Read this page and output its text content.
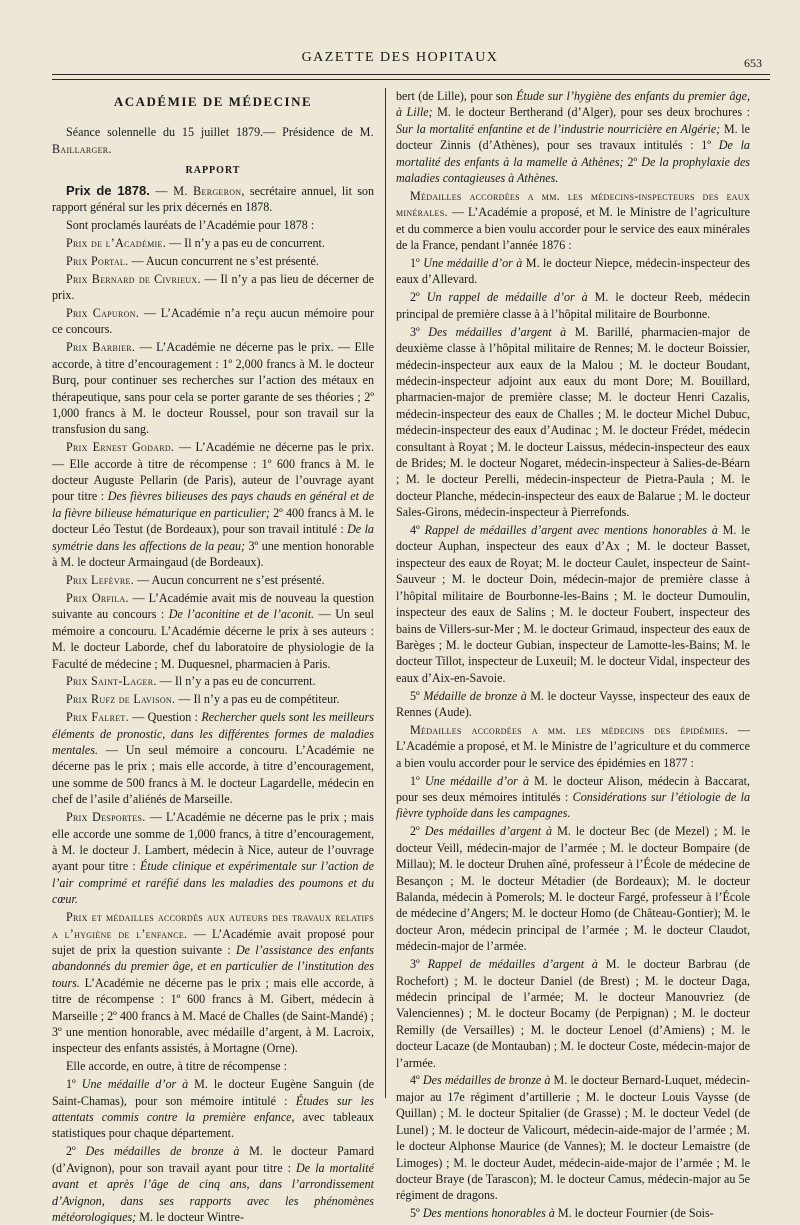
GAZETTE DES HOPITAUX	653
ACADÉMIE DE MÉDECINE

Séance solennelle du 15 juillet 1879.— Présidence de M. Baillarger.

RAPPORT

Prix de 1878. — M. Bergeron, secrétaire annuel, lit son rapport général sur les prix décernés en 1878.

Sont proclamés lauréats de l’Académie pour 1878 :

Prix de l’Académie. — Il n’y a pas eu de concurrent.

Prix Portal. — Aucun concurrent ne s’est présenté.

Prix Bernard de Civrieux. — Il n’y a pas lieu de décerner de prix.

Prix Capuron. — L’Académie n’a reçu aucun mémoire pour ce concours.

Prix Barbier. — L’Académie ne décerne pas le prix. — Elle accorde, à titre d’encouragement : 1º 2,000 francs à M. le docteur Burq, pour continuer ses recherches sur l’action des métaux en thérapeutique, sans pour cela se porter garante de ses théories ; 2º 1,000 francs à M. le docteur Roussel, pour son travail sur la transfusion du sang.

Prix Ernest Godard. — L’Académie ne décerne pas le prix. — Elle accorde à titre de récompense : 1º 600 francs à M. le docteur Auguste Pellarin (de Paris), auteur de l’ouvrage ayant pour titre : Des fièvres bilieuses des pays chauds en général et de la fièvre bilieuse hématurique en particulier; 2º 400 francs à M. le docteur Léo Testut (de Bordeaux), pour son travail intitulé : De la symétrie dans les affections de la peau; 3º une mention honorable à M. le docteur Armaingaud (de Bordeaux).

Prix Lefèvre. — Aucun concurrent ne s’est présenté.

Prix Orfila. — L’Académie avait mis de nouveau la question suivante au concours : De l’aconitine et de l’aconit. — Un seul mémoire a concouru. L’Académie décerne le prix à ses auteurs : M. le docteur Laborde, chef du laboratoire de physiologie de la Faculté de médecine ; M. Duquesnel, pharmacien à Paris.

Prix Saint-Lager. — Il n’y a pas eu de concurrent.

Prix Rufz de Lavison. — Il n’y a pas eu de compétiteur.

Prix Falret. — Question : Rechercher quels sont les meilleurs éléments de pronostic, dans les différentes formes de maladies mentales. — Un seul mémoire a concouru. L’Académie ne décerne pas le prix ; mais elle accorde, à titre d’encouragement, une somme de 500 francs à M. le docteur Lagardelle, médecin en chef de l’asile d’aliénés de Marseille.

Prix Desportes. — L’Académie ne décerne pas le prix ; mais elle accorde une somme de 1,000 francs, à titre d’encouragement, à M. le docteur J. Lambert, médecin à Nice, auteur de l’ouvrage ayant pour titre : Étude clinique et expérimentale sur l’action de l’air comprimé et raréfié dans les maladies des poumons et du cœur.

Prix et médailles accordés aux auteurs des travaux relatifs a l’hygiène de l’enfance. — L’Académie avait proposé pour sujet de prix la question suivante : De l’assistance des enfants abandonnés du premier âge, et en particulier de l’institution des tours. L’Académie ne décerne pas le prix ; mais elle accorde, à titre de récompense : 1º 600 francs à M. Gibert, médecin à Marseille ; 2º 400 francs à M. Macé de Challes (de Saint-Mandé) ; 3º une mention honorable, avec médaille d’argent, à M. Lacroix, inspecteur des enfants assistés, à Mortagne (Orne).

Elle accorde, en outre, à titre de récompense :

1º Une médaille d’or à M. le docteur Eugène Sanguin (de Saint-Chamas), pour son mémoire intitulé : Études sur les attentats commis contre la première enfance, avec tableaux statistiques pour chaque département.

2º Des médailles de bronze à M. le docteur Pamard (d’Avignon), pour son travail ayant pour titre : De la mortalité avant et après l’âge de cinq ans, dans l’arrondissement d’Avignon, dans ses rapports avec les phénomènes météorologiques; M. le docteur Wintre-

bert (de Lille), pour son Étude sur l’hygiène des enfants du premier âge, à Lille; M. le docteur Bertherand (d’Alger), pour ses deux brochures : Sur la mortalité enfantine et de l’industrie nourricière en Algérie; M. le docteur Zinnis (d’Athènes), pour ses travaux intitulés : 1º De la mortalité des enfants à la mamelle à Athènes; 2º De la prophylaxie des maladies contagieuses à Athènes.

Médailles accordées a mm. les médecins-inspecteurs des eaux minérales. — L’Académie a proposé, et M. le Ministre de l’agriculture et du commerce a bien voulu accorder pour le service des eaux minérales de la France, pendant l’année 1876 :

1º Une médaille d’or à M. le docteur Niepce, médecin-inspecteur des eaux d’Allevard.

2º Un rappel de médaille d’or à M. le docteur Reeb, médecin principal de première classe à à l’hôpital militaire de Bourbonne.

3º Des médailles d’argent à M. Barillé, pharmacien-major de deuxième classe à l’hôpital militaire de Rennes; M. le docteur Boissier, médecin-inspecteur aux eaux de la Malou ; M. le docteur Boudant, médecin-inspecteur adjoint aux eaux du mont Dore; M. Bouillard, pharmacien-major de première classe; M. le docteur Henri Cazalis, médecin-inspecteur des eaux de Challes ; M. le docteur Michel Dubuc, médecin-inspecteur des eaux d’Audinac ; M. le docteur Frédet, médecin consultant à Royat ; M. le docteur Laissus, médecin-inspecteur des eaux de Brides; M. le docteur Nogaret, médecin-inspecteur à Salies-de-Béarn ; M. le docteur Perelli, médecin-inspecteur de Pietra-Paula ; M. le docteur Planche, médecin-inspecteur des eaux de Balarue ; M. le docteur Sales-Girons, médecin-inspecteur à Pierrefonds.

4º Rappel de médailles d’argent avec mentions honorables à M. le docteur Auphan, inspecteur des eaux d’Ax ; M. le docteur Basset, inspecteur des eaux de Royat; M. le docteur Caulet, inspecteur de Saint-Sauveur ; M. le docteur Doin, médecin-major de première classe à l’hôpital militaire de Bourbonne-les-Bains ; M. le docteur Dumoulin, inspecteur des eaux de Salins ; M. le docteur Foubert, inspecteur des bains de Villers-sur-Mer ; M. le docteur Grimaud, inspecteur des eaux de Barèges ; M. le docteur Gubian, inspecteur de Lamotte-les-Bains; M. le docteur Tillot, inspecteur de Luxeuil; M. le docteur Vidal, inspecteur des eaux d’Aix-en-Savoie.

5º Médaille de bronze à M. le docteur Vaysse, inspecteur des eaux de Rennes (Aude).

Médailles accordées a mm. les médecins des épidémies. — L’Académie a proposé, et M. le Ministre de l’agriculture et du commerce a bien voulu accorder pour le service des épidémies en 1877 :

1º Une médaille d’or à M. le docteur Alison, médecin à Baccarat, pour ses deux mémoires intitulés : Considérations sur l’étiologie de la fièvre typhoïde dans les campagnes.

2º Des médailles d’argent à M. le docteur Bec (de Mezel) ; M. le docteur Veill, médecin-major de l’armée ; M. le docteur Bompaire (de Millau); M. le docteur Druhen aîné, professeur à l’École de médecine de Besançon ; M. le docteur Métadier (de Bordeaux); M. le docteur Balanda, médecin à Pomerols; M. le docteur Fargé, professeur à l’École de médecine d’Angers; M. le docteur Homo (de Château-Gontier); M. le docteur Aron, médecin principal de l’armée ; M. le docteur Claudot, médecin-major de l’armée.

3º Rappel de médailles d’argent à M. le docteur Barbrau (de Rochefort) ; M. le docteur Daniel (de Brest) ; M. le docteur Daga, médecin principal de l’armée; M. le docteur Manouvriez (de Valenciennes) ; M. le docteur Bocamy (de Perpignan) ; M. le docteur Remilly (de Versailles) ; M. le docteur Lenoel (d’Amiens) ; M. le docteur Lacaze (de Montauban) ; M. le docteur Coste, médecin-major de l’armée.

4º Des médailles de bronze à M. le docteur Bernard-Luquet, médecin-major au 17e régiment d’artillerie ; M. le docteur Louis Vaysse (de Quillan) ; M. le docteur Spitalier (de Grasse) ; M. le docteur Vedel (de Lunel) ; M. le docteur de Valicourt, médecin-aide-major de l’armée ; M. le docteur Alphonse Maurice (de Vannes); M. le docteur Lemaistre (de Limoges) ; M. le docteur Audet, médecin-aide-major de l’armée ; M. le docteur Braye (de Tarascon); M. le docteur Camus, médecin-major au 5e régiment de dragons.

5º Des mentions honorables à M. le docteur Fournier (de Sois-
